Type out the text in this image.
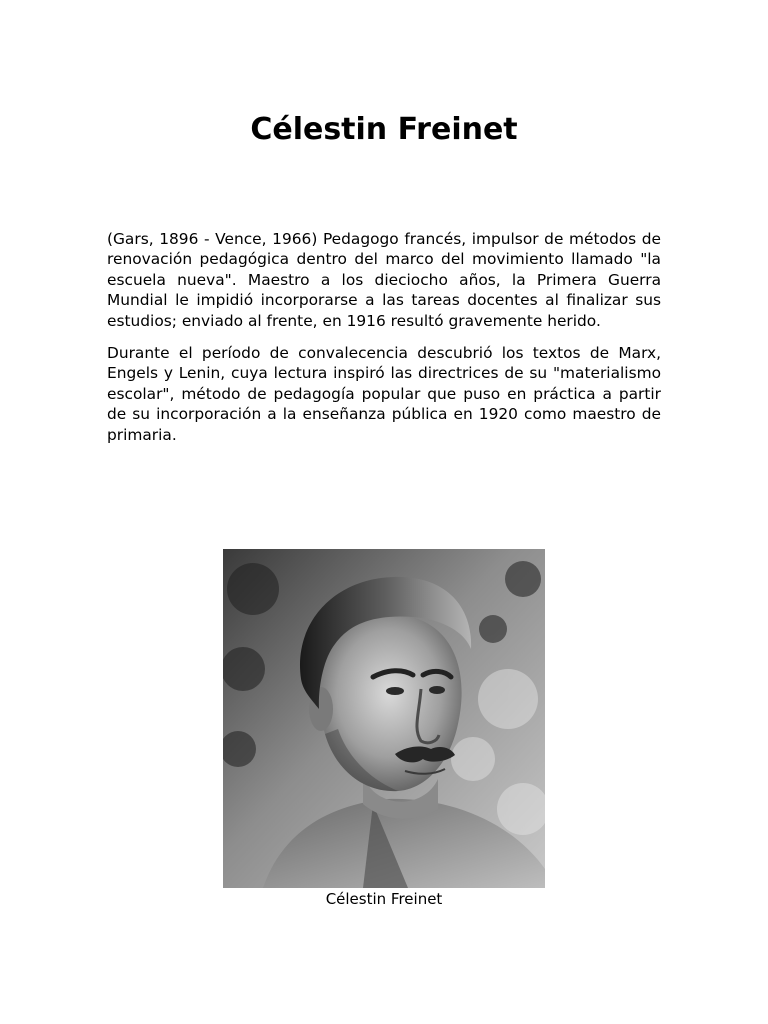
Célestin Freinet

(Gars, 1896 - Vence, 1966) Pedagogo francés, impulsor de métodos de renovación pedagógica dentro del marco del movimiento llamado "la escuela nueva". Maestro a los dieciocho años, la Primera Guerra Mundial le impidió incorporarse a las tareas docentes al finalizar sus estudios; enviado al frente, en 1916 resultó gravemente herido.

Durante el período de convalecencia descubrió los textos de Marx, Engels y Lenin, cuya lectura inspiró las directrices de su "materialismo escolar", método de pedagogía popular que puso en práctica a partir de su incorporación a la enseñanza pública en 1920 como maestro de primaria.

Célestin Freinet
